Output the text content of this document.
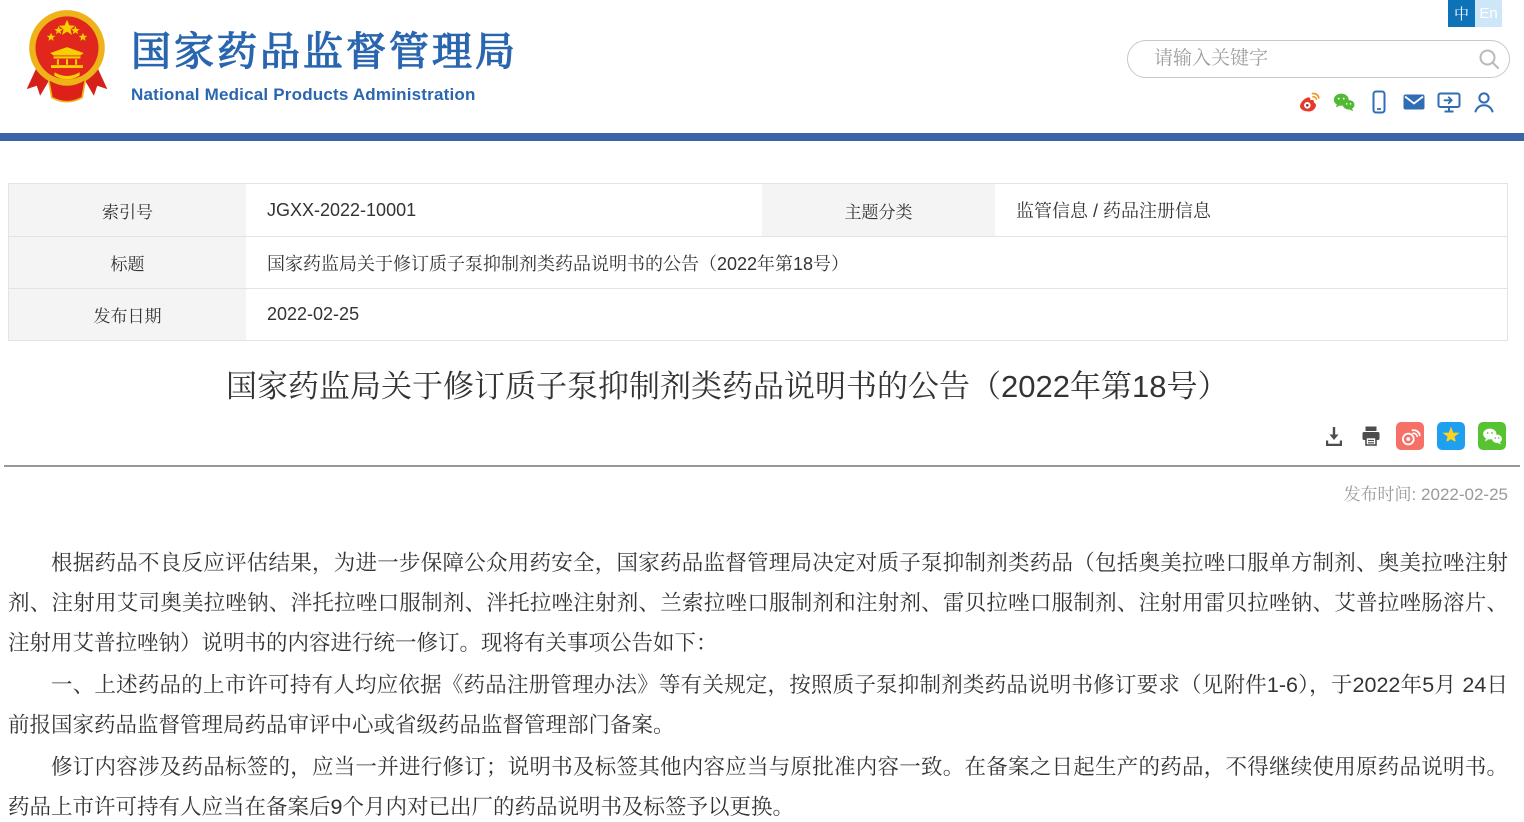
国家药品监督管理局
National Medical Products Administration
中 En
请输入关键字
索引号	JGXX-2022-10001	主题分类	监管信息 / 药品注册信息
标题	国家药监局关于修订质子泵抑制剂类药品说明书的公告（2022年第18号）
发布日期	2022-02-25
国家药监局关于修订质子泵抑制剂类药品说明书的公告（2022年第18号）
发布时间: 2022-02-25

根据药品不良反应评估结果，为进一步保障公众用药安全，国家药品监督管理局决定对质子泵抑制剂类药品（包括奥美拉唑口服单方制剂、奥美拉唑注射剂、注射用艾司奥美拉唑钠、泮托拉唑口服制剂、泮托拉唑注射剂、兰索拉唑口服制剂和注射剂、雷贝拉唑口服制剂、注射用雷贝拉唑钠、艾普拉唑肠溶片、注射用艾普拉唑钠）说明书的内容进行统一修订。现将有关事项公告如下：

一、上述药品的上市许可持有人均应依据《药品注册管理办法》等有关规定，按照质子泵抑制剂类药品说明书修订要求（见附件1-6），于2022年5月 24日前报国家药品监督管理局药品审评中心或省级药品监督管理部门备案。

修订内容涉及药品标签的，应当一并进行修订；说明书及标签其他内容应当与原批准内容一致。在备案之日起生产的药品，不得继续使用原药品说明书。药品上市许可持有人应当在备案后9个月内对已出厂的药品说明书及标签予以更换。
